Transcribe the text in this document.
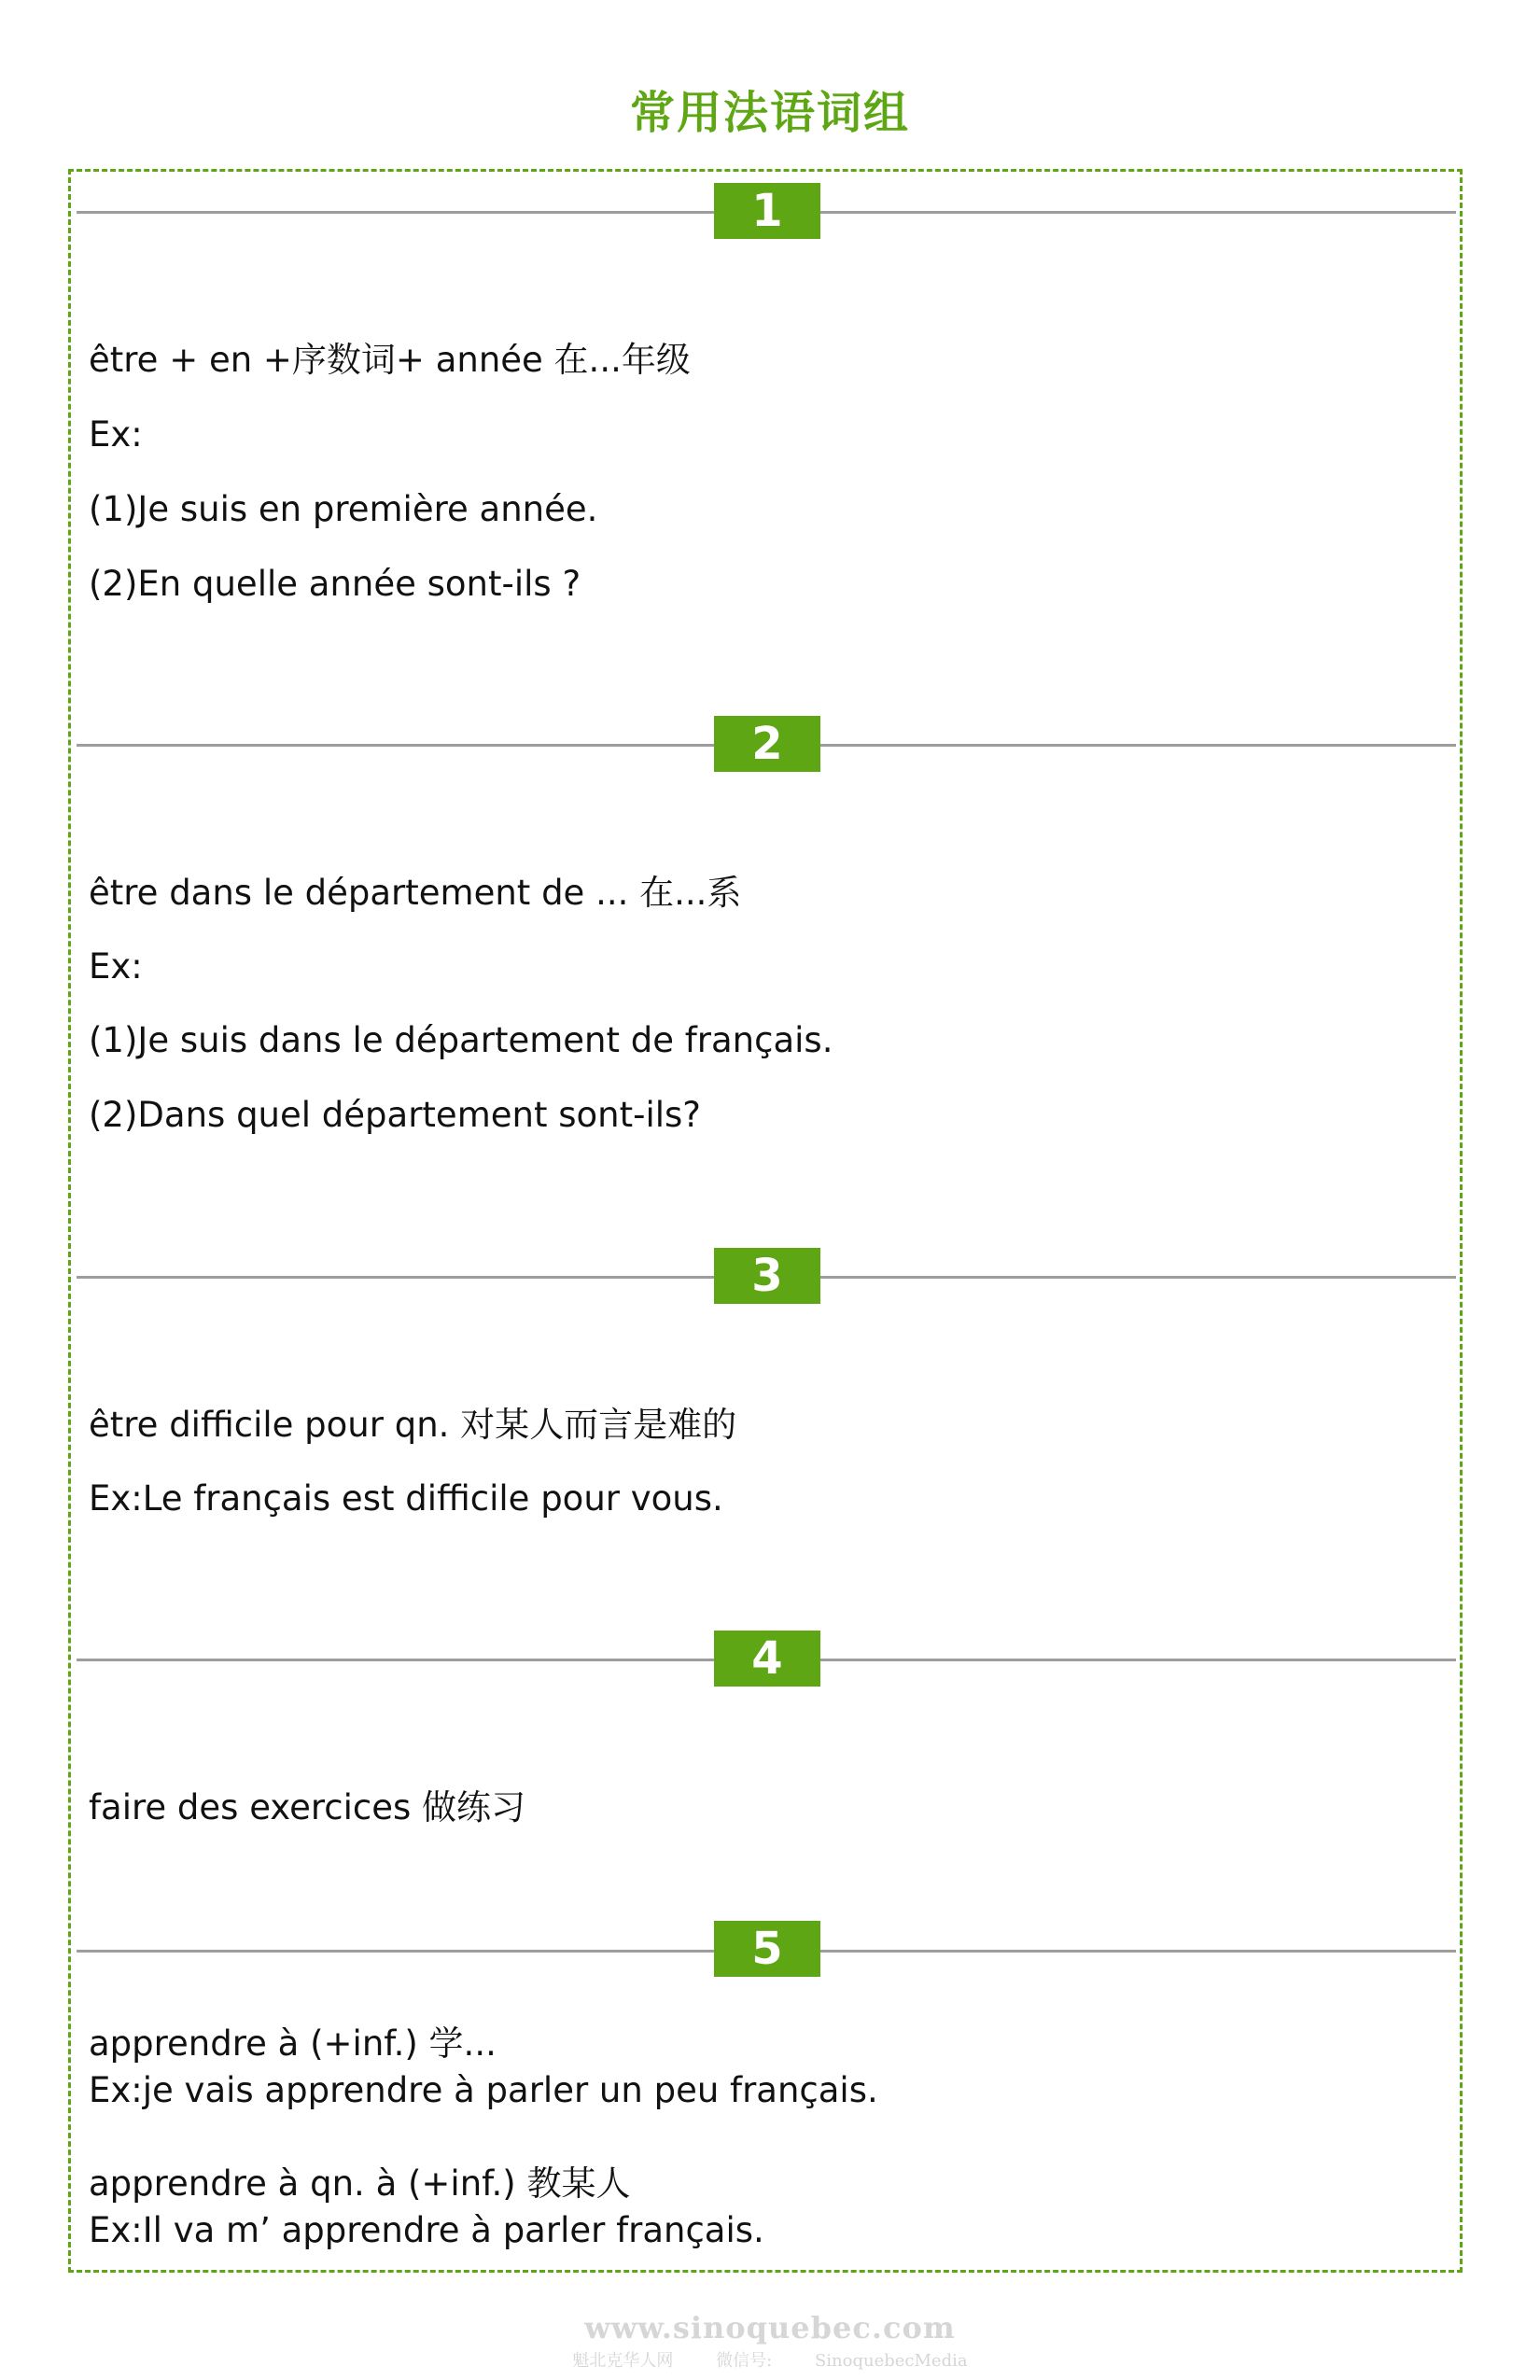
常用法语词组
1
être + en +序数词+ année 在...年级
Ex:
(1)Je suis en première année.
(2)En quelle année sont-ils ?
2
être dans le département de ... 在...系
Ex:
(1)Je suis dans le département de français.
(2)Dans quel département sont-ils?
3
être difficile pour qn. 对某人而言是难的
Ex:Le français est difficile pour vous.
4
faire des exercices 做练习
5
apprendre à (+inf.) 学...
Ex:je vais apprendre à parler un peu français.
apprendre à qn. à (+inf.) 教某人
Ex:Il va m’ apprendre à parler français.
www.sinoquebec.com
魁北克华人网	微信号: SinoquebecMedia
